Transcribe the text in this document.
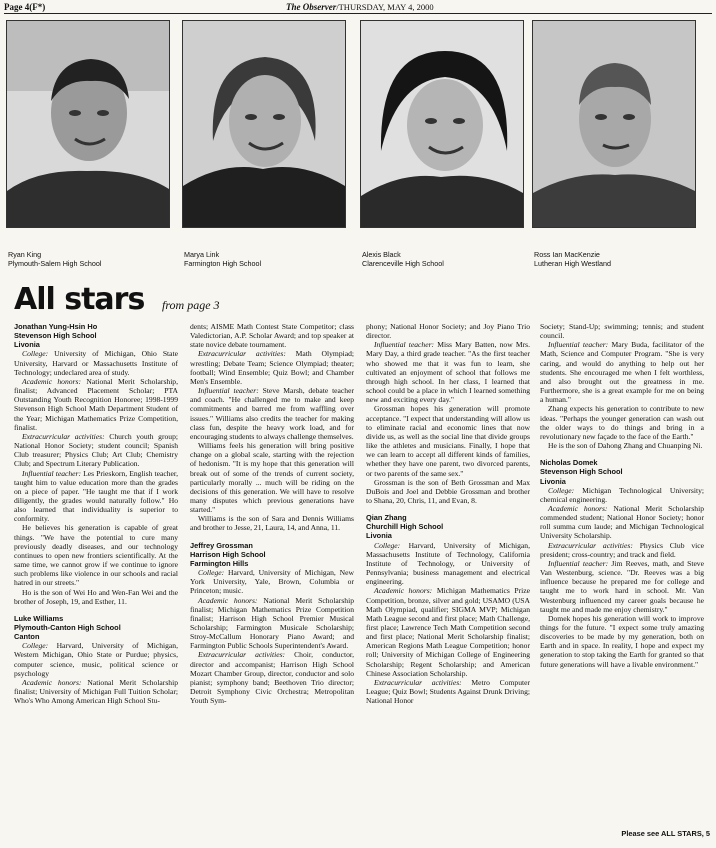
Page 4(F*)	The Observer/THURSDAY, MAY 4, 2000
Ryan King
Plymouth-Salem High School
Marya Link
Farmington High School
Alexis Black
Clarenceville High School
Ross Ian MacKenzie
Lutheran High Westland
All stars from page 3

Jonathan Yung-Hsin Ho

Stevenson High School

Livonia

College: University of Michigan, Ohio State University, Harvard or Massachusetts Institute of Technology; undeclared area of study.

Academic honors: National Merit Scholarship, finalist; Advanced Placement Scholar; PTA Outstanding Youth Recognition Honoree; 1998-1999 Stevenson High School Math Department Student of the Year; Michigan Mathematics Prize Competition, finalist.

Extracurricular activities: Church youth group; National Honor Society; student council; Spanish Club treasurer; Physics Club; Art Club; Chemistry Club; and Spectrum Literary Publication.

Influential teacher: Les Prieskorn, English teacher, taught him to value education more than the grades on a piece of paper. "He taught me that if I work diligently, the grades would naturally follow." Ho also learned that individuality is superior to conformity.

He believes his generation is capable of great things. "We have the potential to cure many previously deadly diseases, and our technology continues to open new frontiers scientifically. At the same time, we cannot grow if we continue to ignore such problems like violence in our schools and racial hatred in our streets."

Ho is the son of Wei Ho and Wen-Fan Wei and the brother of Joseph, 19, and Esther, 11.

Luke Williams

Plymouth-Canton High School

Canton

College: Harvard, University of Michigan, Western Michigan, Ohio State or Purdue; physics, computer science, music, political science or psychology

Academic honors: National Merit Scholarship finalist; University of Michigan Full Tuition Scholar; Who's Who Among American High School Stu-

dents; AISME Math Contest State Competitor; class Valedictorian, A.P. Scholar Award; and top speaker at state novice debate tournament.

Extracurricular activities: Math Olympiad; wrestling; Debate Team; Science Olympiad; theater; football; Wind Ensemble; Quiz Bowl; and Chamber Men's Ensemble.

Influential teacher: Steve Marsh, debate teacher and coach. "He challenged me to make and keep commitments and barred me from waffling over issues." Williams also credits the teacher for making class fun, despite the heavy work load, and for encouraging students to always challenge themselves.

Williams feels his generation will bring positive change on a global scale, starting with the rejection of hedonism. "It is my hope that this generation will break out of some of the trends of current society, particularly morally ... much will be riding on the decisions of this generation. We will have to resolve many disputes which previous generations have started."

Williams is the son of Sara and Dennis Williams and brother to Jesse, 21, Laura, 14, and Anna, 11.

Jeffrey Grossman

Harrison High School

Farmington Hills

College: Harvard, University of Michigan, New York University, Yale, Brown, Columbia or Princeton; music.

Academic honors: National Merit Scholarship finalist; Michigan Mathematics Prize Competition finalist; Harrison High School Premier Musical Scholarship; Farmington Musicale Scholarship; Stroy-McCallum Honorary Piano Award; and Farmington Public Schools Superintendent's Award.

Extracurricular activities: Choir, conductor, director and accompanist; Harrison High School Mozart Chamber Group, director, conductor and solo pianist; symphony band; Beethoven Trio director; Detroit Symphony Civic Orchestra; Metropolitan Youth Sym-

phony; National Honor Society; and Joy Piano Trio director.

Influential teacher: Miss Mary Batten, now Mrs. Mary Day, a third grade teacher. "As the first teacher who showed me that it was fun to learn, she cultivated an enjoyment of school that follows me through high school. In her class, I learned that school could be a place in which I learned something new and exciting every day."

Grossman hopes his generation will promote acceptance. "I expect that understanding will allow us to eliminate racial and economic lines that now divide us, as well as the social line that divide groups like the athletes and musicians. Finally, I hope that we can learn to accept all different kinds of families, whether they have one parent, two divorced parents, or two parents of the same sex."

Grossman is the son of Beth Grossman and Max DuBois and Joel and Debbie Grossman and brother to Shana, 20, Chris, 11, and Evan, 8.

Qian Zhang

Churchill High School

Livonia

College: Harvard, University of Michigan, Massachusetts Institute of Technology, California Institute of Technology, or University of Pennsylvania; business management and electrical engineering.

Academic honors: Michigan Mathematics Prize Competition, bronze, silver and gold; USAMO (USA Math Olympiad, qualifier; SIGMA MVP; Michigan Math League second and first place; Math Challenge, first place; Lawrence Tech Math Competition second and first place; National Merit Scholarship finalist; American Regions Math League Competition; honor roll; University of Michigan College of Engineering Scholarship; Regent Scholarship; and American Chinese Association Scholarship.

Extracurricular activities: Metro Computer League; Quiz Bowl; Students Against Drunk Driving; National Honor

Society; Stand-Up; swimming; tennis; and student council.

Influential teacher: Mary Buda, facilitator of the Math, Science and Computer Program. "She is very caring, and would do anything to help out her students. She encouraged me when I felt worthless, and also brought out the greatness in me. Furthermore, she is a great example for me on being a human."

Zhang expects his generation to contribute to new ideas. "Perhaps the younger generation can wash out the older ways to do things and bring in a revolutionary new façade to the face of the Earth."

He is the son of Dahong Zhang and Chuanping Ni.

Nicholas Domek

Stevenson High School

Livonia

College: Michigan Technological University; chemical engineering.

Academic honors: National Merit Scholarship commended student; National Honor Society; honor roll summa cum laude; and Michigan Technological University Scholarship.

Extracurricular activities: Physics Club vice president; cross-country; and track and field.

Influential teacher: Jim Reeves, math, and Steve Van Westenburg, science. "Dr. Reeves was a big influence because he prepared me for college and taught me to work hard in school. Mr. Van Westenburg influenced my career goals because he taught me and made me enjoy chemistry."

Domek hopes his generation will work to improve things for the future. "I expect some truly amazing discoveries to be made by my generation, both on Earth and in space. In reality, I hope and expect my generation to stop taking the Earth for granted so that future generations will have a livable environment."

Please see ALL STARS, 5
